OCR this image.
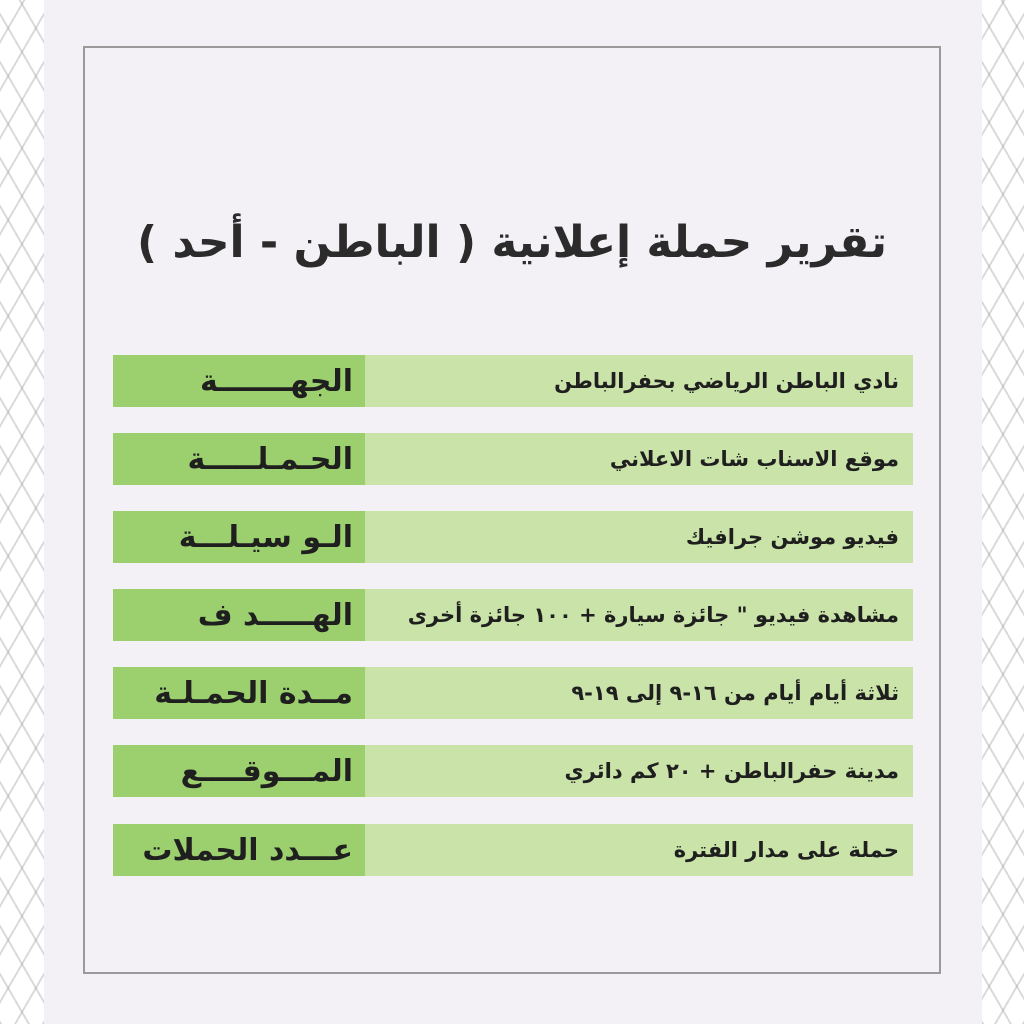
تقرير حملة إعلانية ( الباطن - أحد )
الجهـــــــة	نادي الباطن الرياضي بحفرالباطن
الحـمـلـــــة	موقع الاسناب شات الاعلاني
الـو سيـلـــة	فيديو موشن جرافيك
الهـــــد ف	مشاهدة فيديو " جائزة سيارة + ١٠٠ جائزة أخرى
مــدة الحمـلـة	ثلاثة أيام أيام من ١٦-٩ إلى ١٩-٩
المـــوقــــع	مدينة حفرالباطن + ٢٠ كم دائري
عـــدد الحملات	حملة على مدار الفترة
